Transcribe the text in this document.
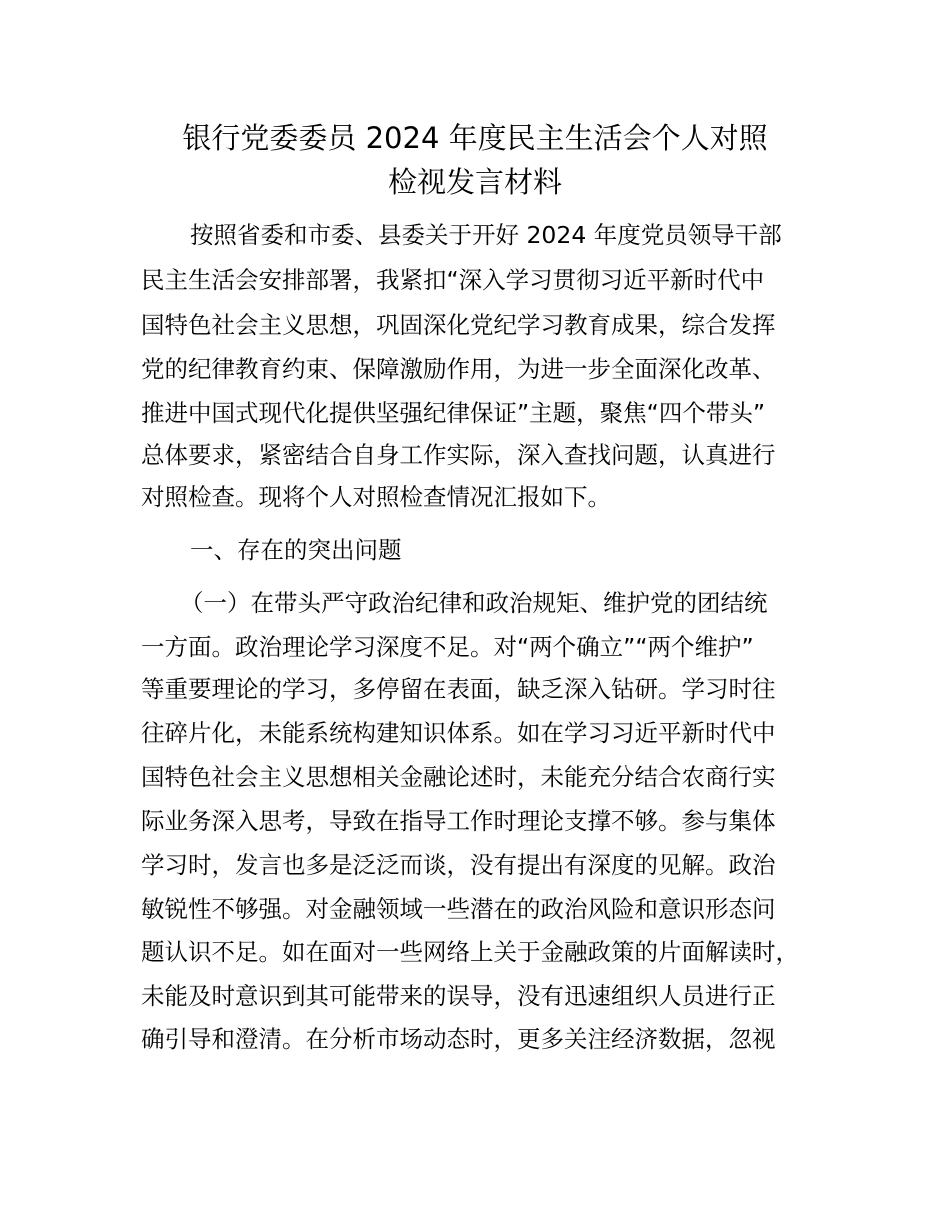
银行党委委员 2024 年度民主生活会个人对照
检视发言材料
按照省委和市委、县委关于开好 2024 年度党员领导干部
民主生活会安排部署，我紧扣“深入学习贯彻习近平新时代中
国特色社会主义思想，巩固深化党纪学习教育成果，综合发挥
党的纪律教育约束、保障激励作用，为进一步全面深化改革、
推进中国式现代化提供坚强纪律保证”主题，聚焦“四个带头”
总体要求，紧密结合自身工作实际，深入查找问题，认真进行
对照检查。现将个人对照检查情况汇报如下。
一、存在的突出问题
（一）在带头严守政治纪律和政治规矩、维护党的团结统
一方面。政治理论学习深度不足。对“两个确立”“两个维护”
等重要理论的学习，多停留在表面，缺乏深入钻研。学习时往
往碎片化，未能系统构建知识体系。如在学习习近平新时代中
国特色社会主义思想相关金融论述时，未能充分结合农商行实
际业务深入思考，导致在指导工作时理论支撑不够。参与集体
学习时，发言也多是泛泛而谈，没有提出有深度的见解。政治
敏锐性不够强。对金融领域一些潜在的政治风险和意识形态问
题认识不足。如在面对一些网络上关于金融政策的片面解读时，
未能及时意识到其可能带来的误导，没有迅速组织人员进行正
确引导和澄清。在分析市场动态时，更多关注经济数据，忽视
